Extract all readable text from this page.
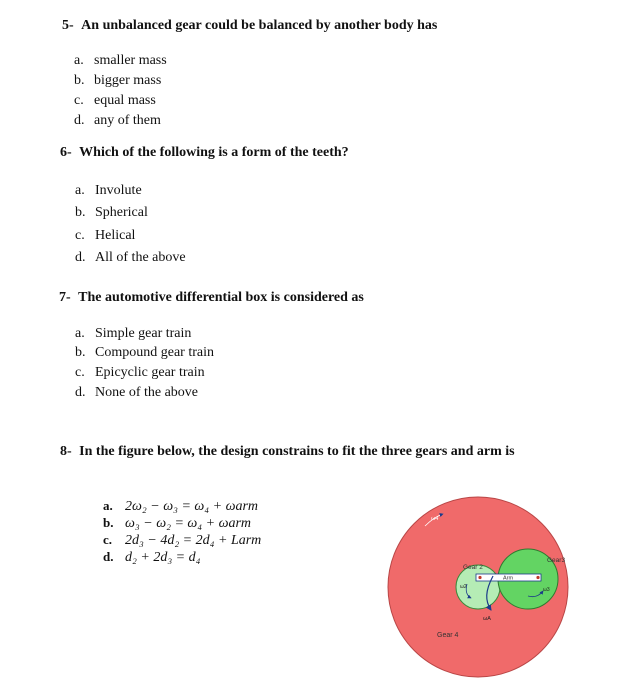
5- An unbalanced gear could be balanced by another body has
a. smaller mass
b. bigger mass
c. equal mass
d. any of them
6- Which of the following is a form of the teeth?
a. Involute
b. Spherical
c. Helical
d. All of the above
7- The automotive differential box is considered as
a. Simple gear train
b. Compound gear train
c. Epicyclic gear train
d. None of the above
8- In the figure below, the design constrains to fit the three gears and arm is
a. 2ω₂ − ω₃ = ω₄ + ωarm
b. ω₃ − ω₂ = ω₄ + ωarm
c. 2d₃ − 4d₂ = 2d₄ + Larm
d. d₂ + 2d₃ = d₄
Gear 4
Gear 2
Gear3
Arm
ω4
ω2	ω3
ωA
